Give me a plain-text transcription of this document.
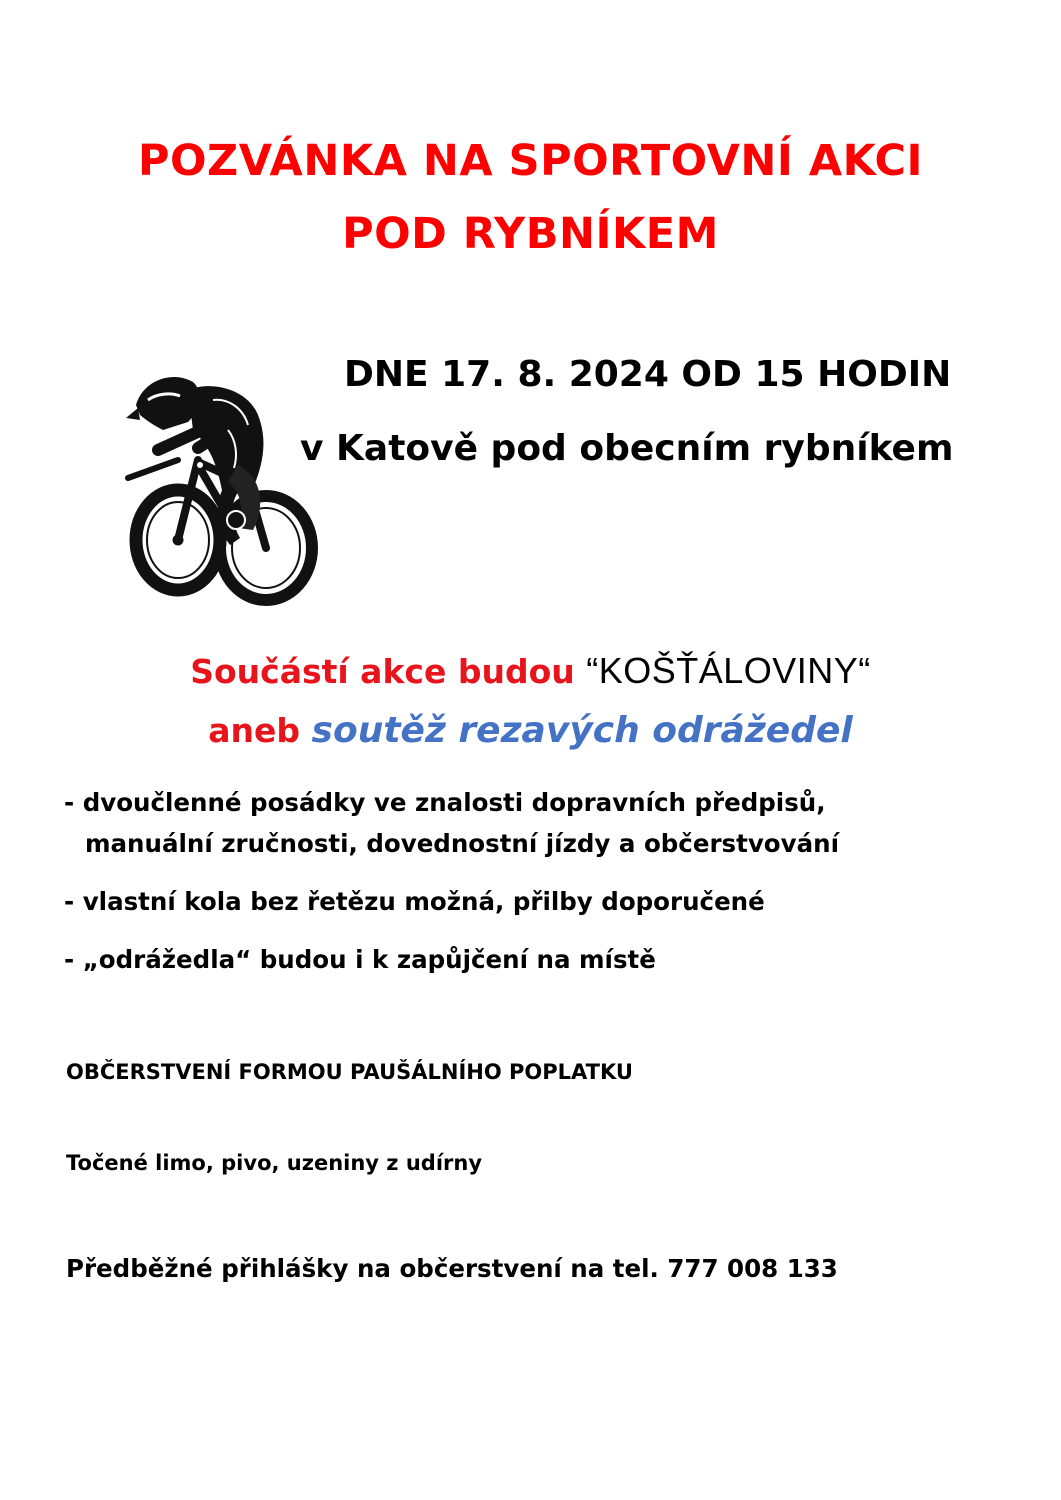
POZVÁNKA NA SPORTOVNÍ AKCI
POD RYBNÍKEM
DNE 17. 8. 2024 OD 15 HODIN
v Katově pod obecním rybníkem
Součástí akce budou “KOŠŤÁLOVINY“
aneb soutěž rezavých odrážedel
- dvoučlenné posádky ve znalosti dopravních předpisů,
manuální zručnosti, dovednostní jízdy a občerstvování
- vlastní kola bez řetězu možná, přilby doporučené
- „odrážedla“ budou i k zapůjčení na místě
OBČERSTVENÍ FORMOU PAUŠÁLNÍHO POPLATKU
Točené limo, pivo, uzeniny z udírny
Předběžné přihlášky na občerstvení na tel. 777 008 133
